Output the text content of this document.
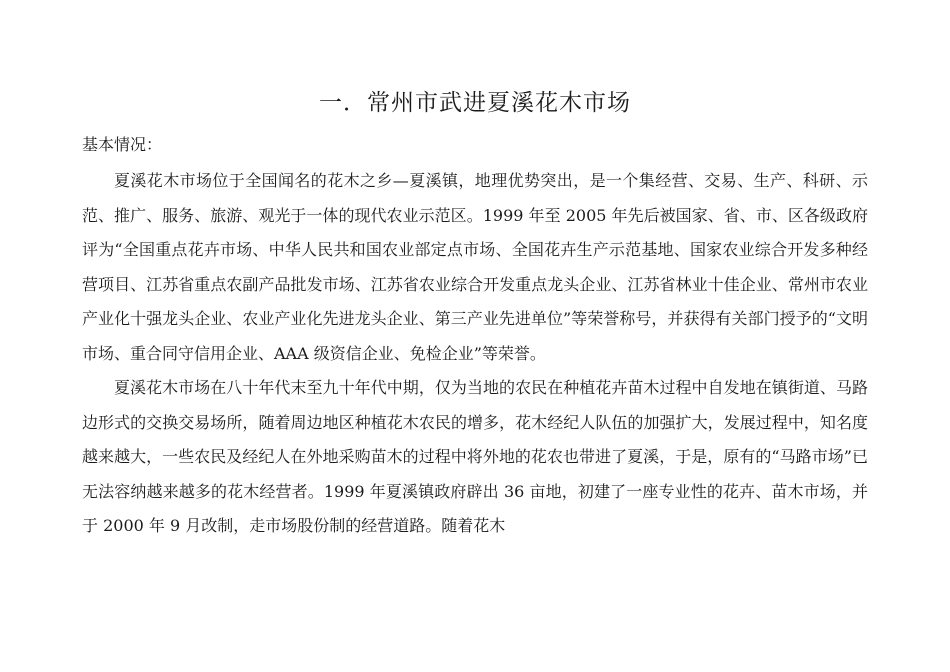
一．常州市武进夏溪花木市场
基本情况：

夏溪花木市场位于全国闻名的花木之乡—夏溪镇，地理优势突出，是一个集经营、交易、生产、科研、示范、推广、服务、旅游、观光于一体的现代农业示范区。1999 年至 2005 年先后被国家、省、市、区各级政府评为“全国重点花卉市场、中华人民共和国农业部定点市场、全国花卉生产示范基地、国家农业综合开发多种经营项目、江苏省重点农副产品批发市场、江苏省农业综合开发重点龙头企业、江苏省林业十佳企业、常州市农业产业化十强龙头企业、农业产业化先进龙头企业、第三产业先进单位”等荣誉称号，并获得有关部门授予的“文明市场、重合同守信用企业、AAA 级资信企业、免检企业”等荣誉。

夏溪花木市场在八十年代末至九十年代中期，仅为当地的农民在种植花卉苗木过程中自发地在镇街道、马路边形式的交换交易场所，随着周边地区种植花木农民的增多，花木经纪人队伍的加强扩大，发展过程中，知名度越来越大，一些农民及经纪人在外地采购苗木的过程中将外地的花农也带进了夏溪，于是，原有的“马路市场”已无法容纳越来越多的花木经营者。1999 年夏溪镇政府辟出 36 亩地，初建了一座专业性的花卉、苗木市场，并于 2000 年 9 月改制，走市场股份制的经营道路。随着花木
